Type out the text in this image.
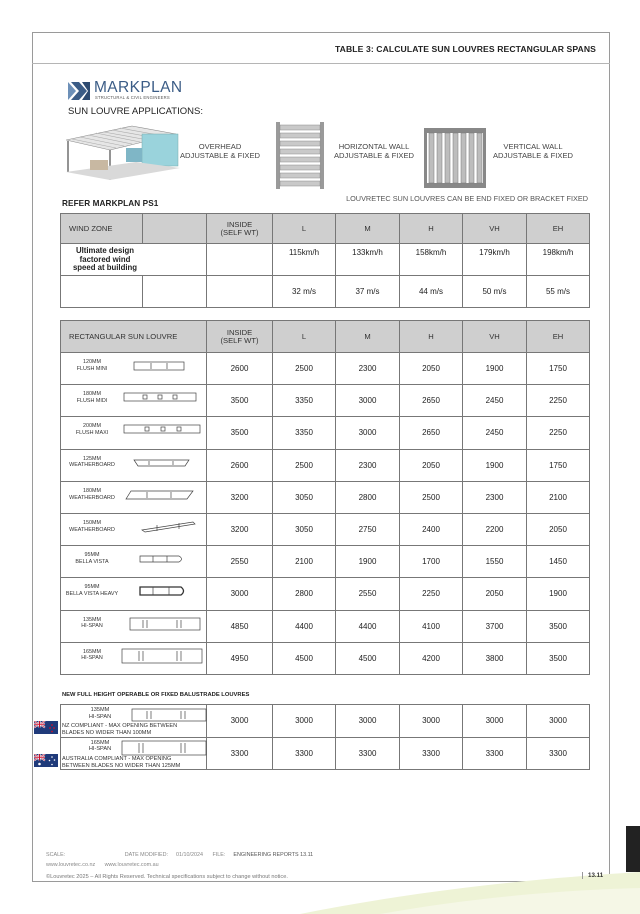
TABLE 3: CALCULATE SUN LOUVRES RECTANGULAR SPANS
MARKPLAN
STRUCTURAL & CIVIL ENGINEERS
SUN LOUVRE APPLICATIONS:
OVERHEAD
ADJUSTABLE & FIXED
HORIZONTAL WALL
ADJUSTABLE & FIXED
VERTICAL WALL
ADJUSTABLE & FIXED
LOUVRETEC SUN LOUVRES CAN BE END FIXED OR BRACKET FIXED
REFER MARKPLAN PS1
WIND ZONE		INSIDE
(SELF WT)	L	M	H	VH	EH

Ultimate design factored wind speed at building			115km/h	133km/h	158km/h	179km/h	198km/h
			32 m/s	37 m/s	44 m/s	50 m/s	55 m/s
RECTANGULAR SUN LOUVRE	INSIDE
(SELF WT)	L	M	H	VH	EH

120MM
FLUSH MINI	2600	2500	2300	2050	1900	1750

180MM
FLUSH MIDI	3500	3350	3000	2650	2450	2250

200MM
FLUSH MAXI	3500	3350	3000	2650	2450	2250

125MM
WEATHERBOARD	2600	2500	2300	2050	1900	1750

180MM
WEATHERBOARD	3200	3050	2800	2500	2300	2100

150MM
WEATHERBOARD	3200	3050	2750	2400	2200	2050

95MM
BELLA VISTA	2550	2100	1900	1700	1550	1450

95MM
BELLA VISTA HEAVY	3000	2800	2550	2250	2050	1900

135MM
HI-SPAN	4850	4400	4400	4100	3700	3500

165MM
HI-SPAN	4950	4500	4500	4200	3800	3500
NEW FULL HEIGHT OPERABLE OR FIXED BALUSTRADE LOUVRES
135MM
HI-SPAN
NZ COMPLIANT - MAX OPENING BETWEEN
BLADES NO WIDER THAN 100MM	3000	3000	3000	3000	3000	3000

165MM
HI-SPAN
AUSTRALIA COMPLIANT - MAX OPENING
BETWEEN BLADES NO WIDER THAN 125MM	3300	3300	3300	3300	3300	3300
SCALE:	DATE MODIFIED: 01/10/2024 FILE: ENGINEERING REPORTS 13.11
www.louvretec.co.nz www.louvretec.com.au
©Louvretec 2025 – All Rights Reserved. Technical specifications subject to change without notice.	13.11
